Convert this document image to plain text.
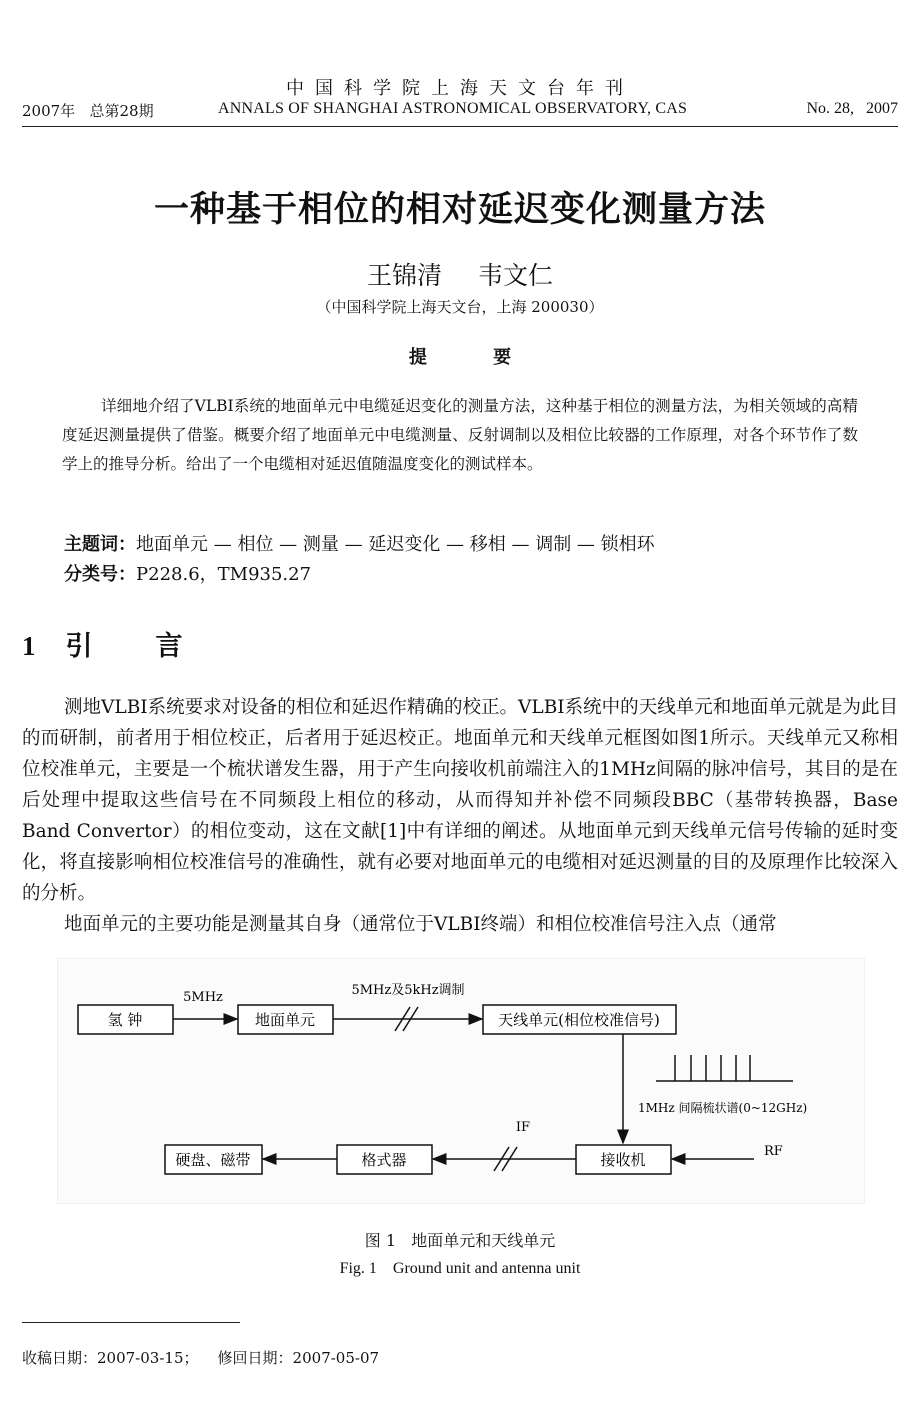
中国科学院上海天文台年刊
2007年   总第28期	ANNALS OF SHANGHAI ASTRONOMICAL OBSERVATORY, CAS	No. 28,   2007
一种基于相位的相对延迟变化测量方法
王锦清 韦文仁
（中国科学院上海天文台，上海 200030）
提	要
详细地介绍了VLBI系统的地面单元中电缆延迟变化的测量方法，这种基于相位的测量方法，为相关领域的高精度延迟测量提供了借鉴。概要介绍了地面单元中电缆测量、反射调制以及相位比较器的工作原理，对各个环节作了数学上的推导分析。给出了一个电缆相对延迟值随温度变化的测试样本。
主题词：地面单元 — 相位 — 测量 — 延迟变化 — 移相 — 调制 — 锁相环
分类号：P228.6，TM935.27
1 引 言

测地VLBI系统要求对设备的相位和延迟作精确的校正。VLBI系统中的天线单元和地面单元就是为此目的而研制，前者用于相位校正，后者用于延迟校正。地面单元和天线单元框图如图1所示。天线单元又称相位校准单元，主要是一个梳状谱发生器，用于产生向接收机前端注入的1MHz间隔的脉冲信号，其目的是在后处理中提取这些信号在不同频段上相位的移动，从而得知并补偿不同频段BBC（基带转换器，Base Band Convertor）的相位变动，这在文献[1]中有详细的阐述。从地面单元到天线单元信号传输的延时变化，将直接影响相位校准信号的准确性，就有必要对地面单元的电缆相对延迟测量的目的及原理作比较深入的分析。

地面单元的主要功能是测量其自身（通常位于VLBI终端）和相位校准信号注入点（通常

氢 钟	地面单元	天线单元(相位校准信号)
5MHz	5MHz及5kHz调制
1MHz 间隔梳状谱(0~12GHz)
硬盘、磁带	格式器	接收机	RF
IF
图 1   地面单元和天线单元
Fig. 1    Ground unit and antenna unit
收稿日期：2007-03-15；    修回日期：2007-05-07
